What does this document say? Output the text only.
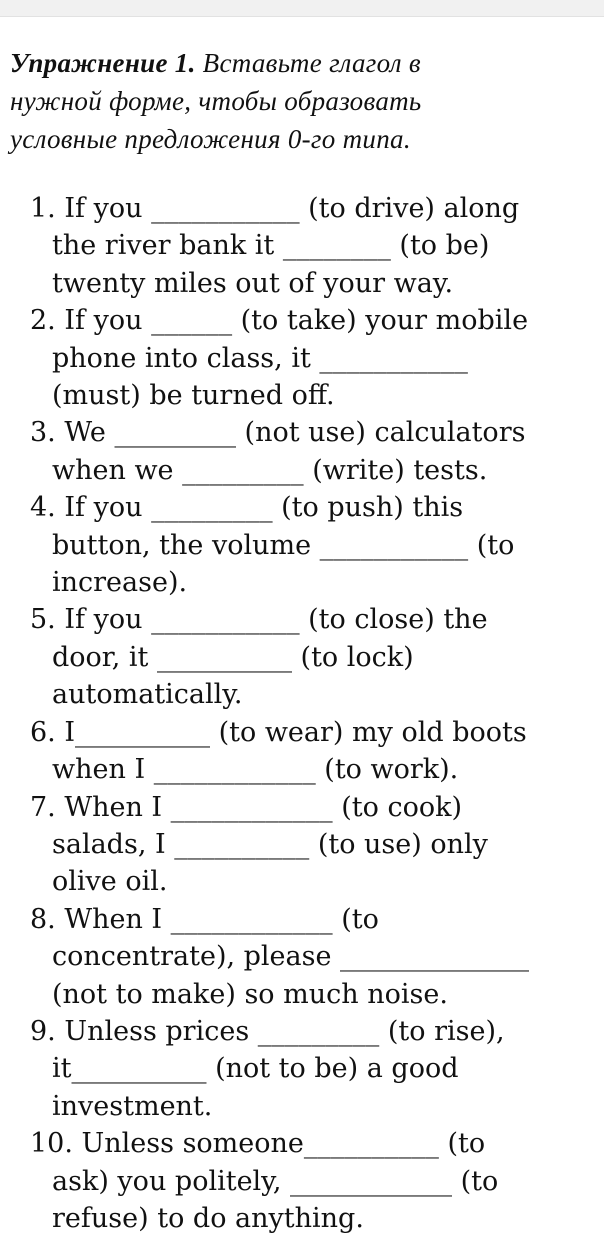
Упражнение 1. Вставьте глагол в
нужной форме, чтобы образовать
условные предложения 0-го типа.
1. If you ___________ (to drive) along
the river bank it ________ (to be)
twenty miles out of your way.
2. If you ______ (to take) your mobile
phone into class, it ___________
(must) be turned off.
3. We _________ (not use) calculators
when we _________ (write) tests.
4. If you _________ (to push) this
button, the volume ___________ (to
increase).
5. If you ___________ (to close) the
door, it __________ (to lock)
automatically.
6. I__________ (to wear) my old boots
when I ____________ (to work).
7. When I ____________ (to cook)
salads, I __________ (to use) only
olive oil.
8. When I ____________ (to
concentrate), please ______________
(not to make) so much noise.
9. Unless prices _________ (to rise),
it__________ (not to be) a good
investment.
10. Unless someone__________ (to
ask) you politely, ____________ (to
refuse) to do anything.
